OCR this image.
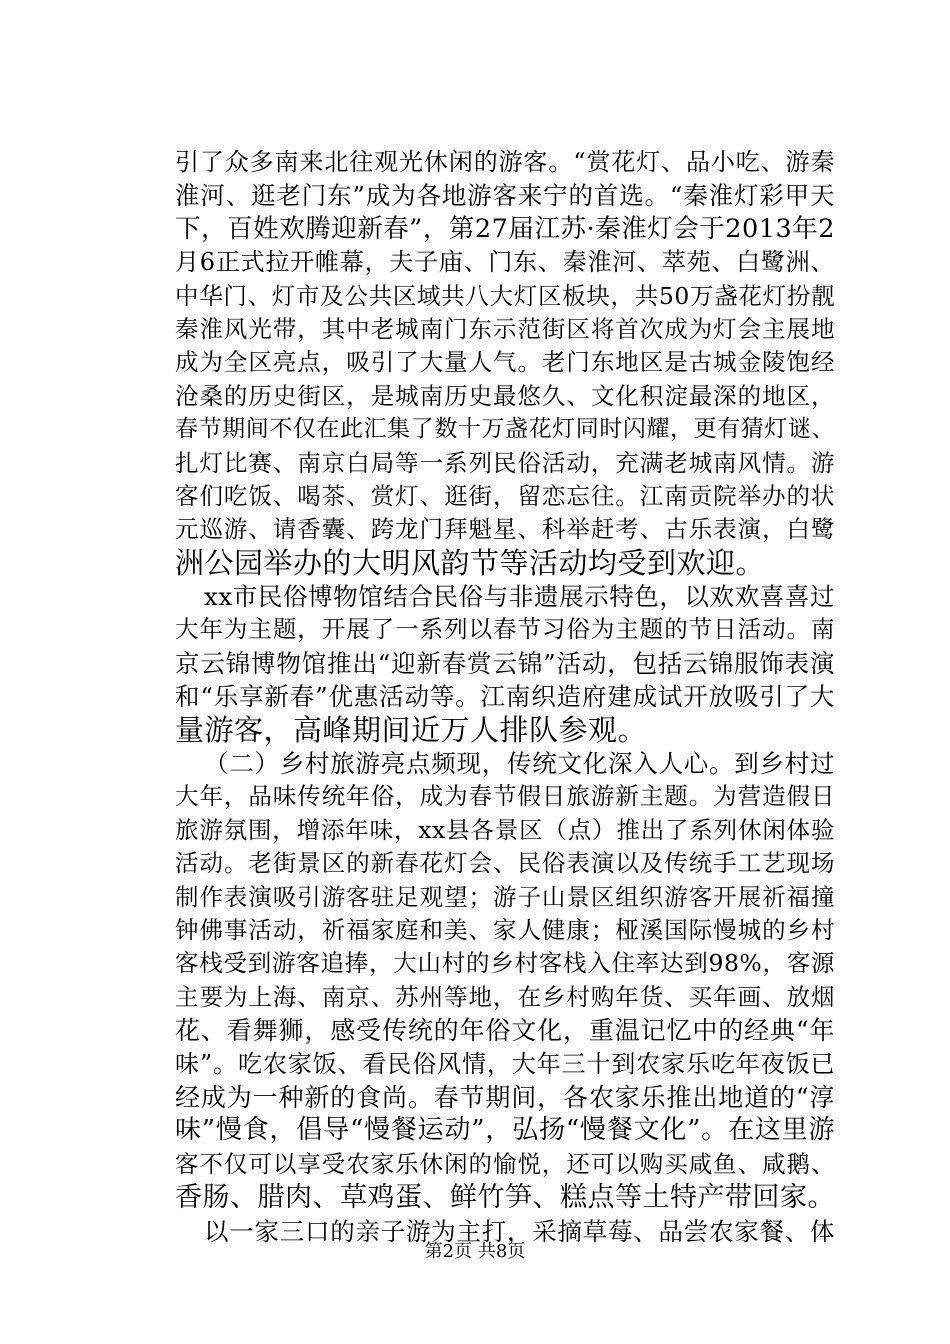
引了众多南来北往观光休闲的游客。“赏花灯、品小吃、游秦
淮河、逛老门东”成为各地游客来宁的首选。“秦淮灯彩甲天
下，百姓欢腾迎新春”，第27届江苏·秦淮灯会于2013年2
月6正式拉开帷幕，夫子庙、门东、秦淮河、萃苑、白鹭洲、
中华门、灯市及公共区域共八大灯区板块，共50万盏花灯扮靓
秦淮风光带，其中老城南门东示范街区将首次成为灯会主展地
成为全区亮点，吸引了大量人气。老门东地区是古城金陵饱经
沧桑的历史街区，是城南历史最悠久、文化积淀最深的地区，
春节期间不仅在此汇集了数十万盏花灯同时闪耀，更有猜灯谜、
扎灯比赛、南京白局等一系列民俗活动，充满老城南风情。游
客们吃饭、喝茶、赏灯、逛街，留恋忘往。江南贡院举办的状
元巡游、请香囊、跨龙门拜魁星、科举赶考、古乐表演，白鹭
洲公园举办的大明风韵节等活动均受到欢迎。
xx市民俗博物馆结合民俗与非遗展示特色，以欢欢喜喜过
大年为主题，开展了一系列以春节习俗为主题的节日活动。南
京云锦博物馆推出“迎新春赏云锦”活动，包括云锦服饰表演
和“乐享新春”优惠活动等。江南织造府建成试开放吸引了大
量游客，高峰期间近万人排队参观。
（二）乡村旅游亮点频现，传统文化深入人心。到乡村过
大年，品味传统年俗，成为春节假日旅游新主题。为营造假日
旅游氛围，增添年味，xx县各景区（点）推出了系列休闲体验
活动。老街景区的新春花灯会、民俗表演以及传统手工艺现场
制作表演吸引游客驻足观望；游子山景区组织游客开展祈福撞
钟佛事活动，祈福家庭和美、家人健康；桠溪国际慢城的乡村
客栈受到游客追捧，大山村的乡村客栈入住率达到98%，客源
主要为上海、南京、苏州等地，在乡村购年货、买年画、放烟
花、看舞狮，感受传统的年俗文化，重温记忆中的经典“年
味”。吃农家饭、看民俗风情，大年三十到农家乐吃年夜饭已
经成为一种新的食尚。春节期间，各农家乐推出地道的“淳
味”慢食，倡导“慢餐运动”，弘扬“慢餐文化”。在这里游
客不仅可以享受农家乐休闲的愉悦，还可以购买咸鱼、咸鹅、
香肠、腊肉、草鸡蛋、鲜竹笋、糕点等土特产带回家。
以一家三口的亲子游为主打，采摘草莓、品尝农家餐、体
第2页 共8页
